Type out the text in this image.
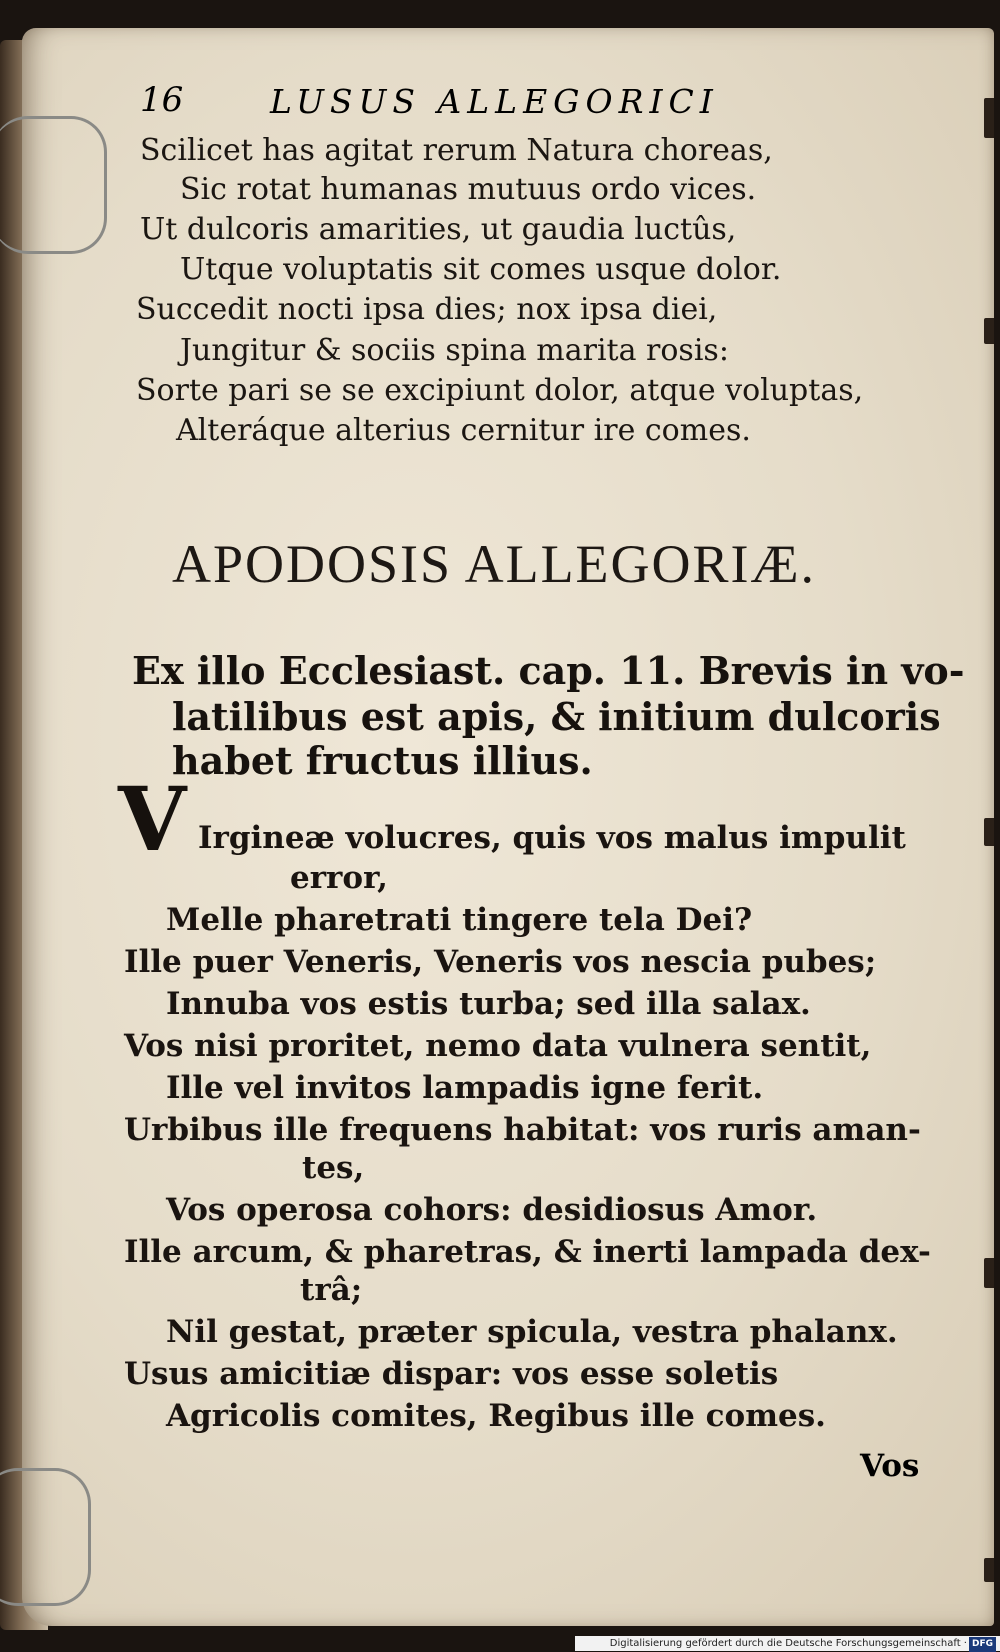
16	LUSUS ALLEGORICI
Scilicet has agitat rerum Natura choreas,
Sic rotat humanas mutuus ordo vices.
Ut dulcoris amarities, ut gaudia luctûs,
Utque voluptatis sit comes usque dolor.
Succedit nocti ipsa dies; nox ipsa diei,
Jungitur & sociis spina marita rosis:
Sorte pari se se excipiunt dolor, atque voluptas,
Alteráque alterius cernitur ire comes.
APODOSIS ALLEGORIÆ.
Ex illo Ecclesiast. cap. 11. Brevis in vo-
latilibus est apis, & initium dulcoris
habet fructus illius.
V Irgineæ volucres, quis vos malus impulit
error,
Melle pharetrati tingere tela Dei?
Ille puer Veneris, Veneris vos nescia pubes;
Innuba vos estis turba; sed illa salax.
Vos nisi proritet, nemo data vulnera sentit,
Ille vel invitos lampadis igne ferit.
Urbibus ille frequens habitat: vos ruris aman-
tes,
Vos operosa cohors: desidiosus Amor.
Ille arcum, & pharetras, & inerti lampada dex-
trâ;
Nil gestat, præter spicula, vestra phalanx.
Usus amicitiæ dispar: vos esse soletis
Agricolis comites, Regibus ille comes.
Vos
Digitalisierung gefördert durch die Deutsche Forschungsgemeinschaft · DFG
